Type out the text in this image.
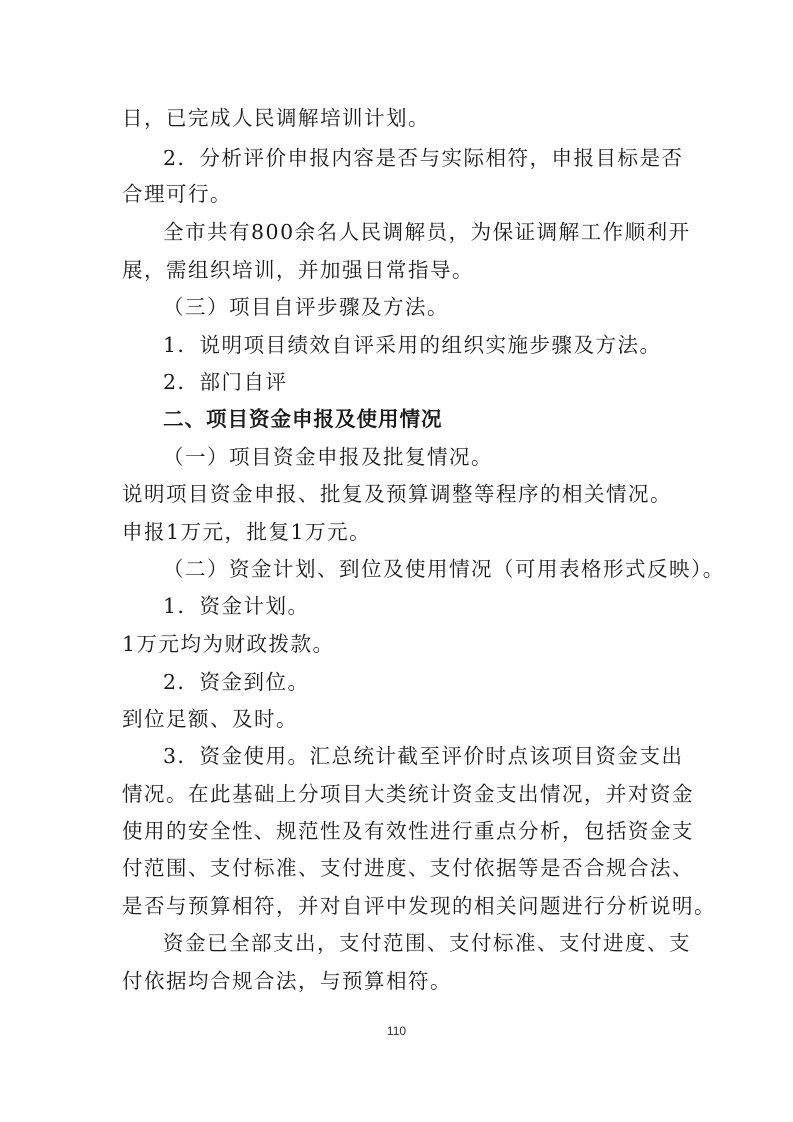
日，已完成人民调解培训计划。
2．分析评价申报内容是否与实际相符，申报目标是否
合理可行。
全市共有800余名人民调解员，为保证调解工作顺利开
展，需组织培训，并加强日常指导。
（三）项目自评步骤及方法。
1．说明项目绩效自评采用的组织实施步骤及方法。
2．部门自评
二、项目资金申报及使用情况
（一）项目资金申报及批复情况。
说明项目资金申报、批复及预算调整等程序的相关情况。
申报1万元，批复1万元。
（二）资金计划、到位及使用情况（可用表格形式反映）。
1．资金计划。
1万元均为财政拨款。
2．资金到位。
到位足额、及时。
3．资金使用。汇总统计截至评价时点该项目资金支出
情况。在此基础上分项目大类统计资金支出情况，并对资金
使用的安全性、规范性及有效性进行重点分析，包括资金支
付范围、支付标准、支付进度、支付依据等是否合规合法、
是否与预算相符，并对自评中发现的相关问题进行分析说明。
资金已全部支出，支付范围、支付标准、支付进度、支
付依据均合规合法，与预算相符。
110
